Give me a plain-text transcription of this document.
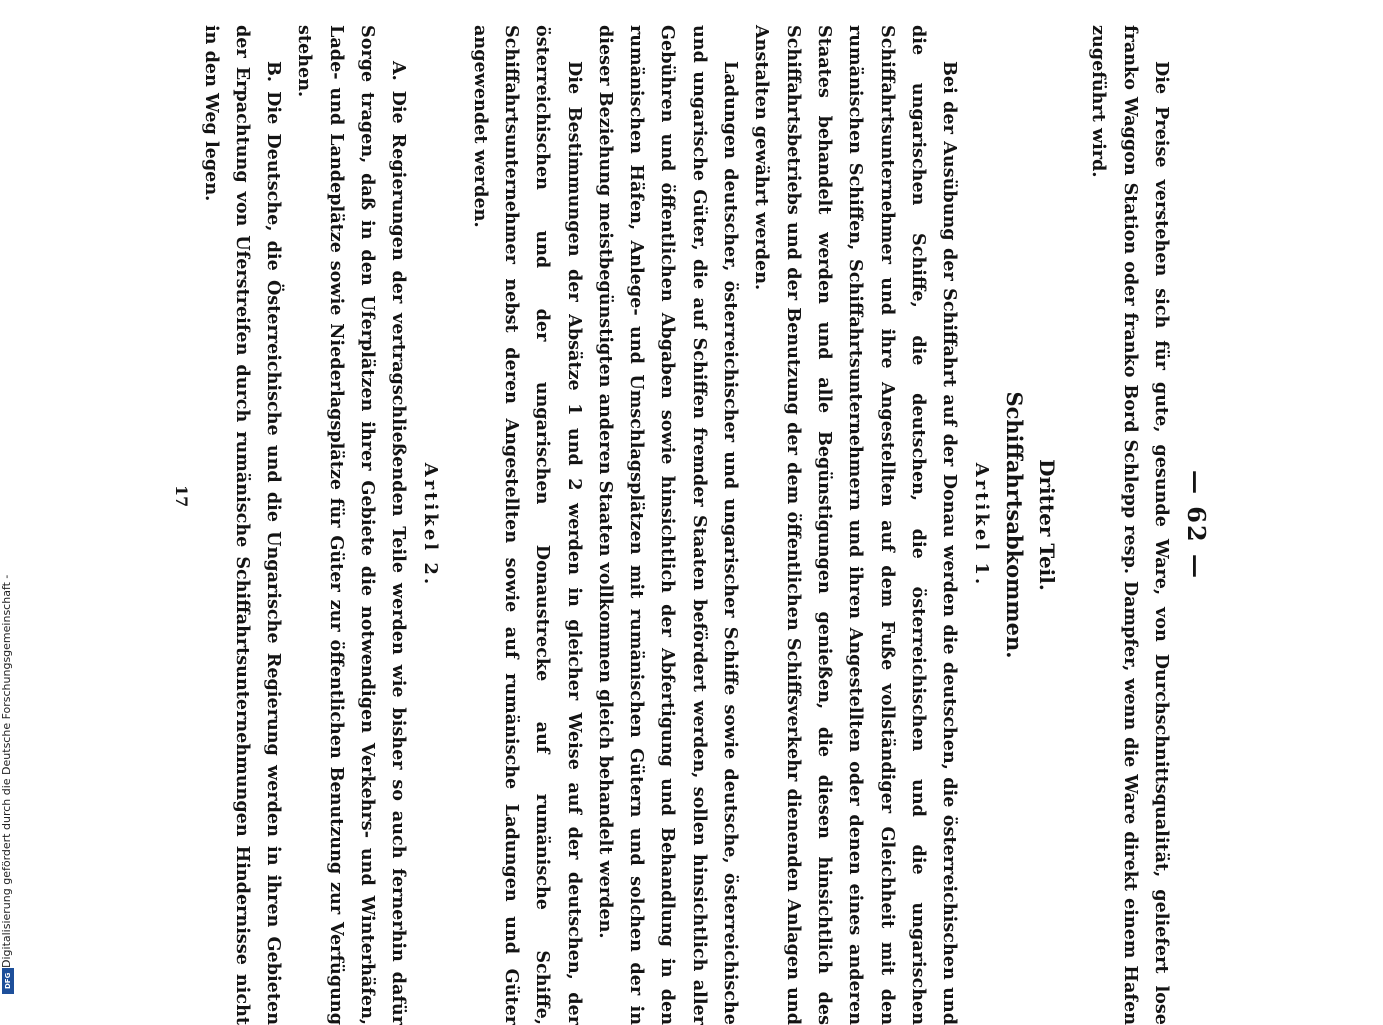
— 62 —

Die Preise verstehen sich für gute, gesunde Ware, von Durchschnittsqualität, geliefert lose franko Waggon Station oder franko Bord Schlepp resp. Dampfer, wenn die Ware direkt einem Hafen zugeführt wird.

Dritter Teil.
Schiffahrtsabkommen.
Artikel 1.

Bei der Ausübung der Schiffahrt auf der Donau werden die deutschen, die österreichischen und die ungarischen Schiffe, die deutschen, die österreichischen und die ungarischen Schiffahrtsunternehmer und ihre Angestellten auf dem Fuße vollständiger Gleichheit mit den rumänischen Schiffen, Schiffahrtsunternehmern und ihren Angestellten oder denen eines anderen Staates behandelt werden und alle Begünstigungen genießen, die diesen hinsichtlich des Schiffahrtsbetriebs und der Benutzung der dem öffentlichen Schiffsverkehr dienenden Anlagen und Anstalten gewährt werden.

Ladungen deutscher, österreichischer und ungarischer Schiffe sowie deutsche, österreichische und ungarische Güter, die auf Schiffen fremder Staaten befördert werden, sollen hinsichtlich aller Gebühren und öffentlichen Abgaben sowie hinsichtlich der Abfertigung und Behandlung in den rumänischen Häfen, Anlege- und Umschlagsplätzen mit rumänischen Gütern und solchen der in dieser Beziehung meistbegünstigten anderen Staaten vollkommen gleich behandelt werden.

Die Bestimmungen der Absätze 1 und 2 werden in gleicher Weise auf der deutschen, der österreichischen und der ungarischen Donaustrecke auf rumänische Schiffe, Schiffahrtsunternehmer nebst deren Angestellten sowie auf rumänische Ladungen und Güter angewendet werden.

Artikel 2.

A. Die Regierungen der vertragschließenden Teile werden wie bisher so auch fernerhin dafür Sorge tragen, daß in den Uferplätzen ihrer Gebiete die notwendigen Verkehrs- und Winterhäfen, Lade- und Landeplätze sowie Niederlagsplätze für Güter zur öffentlichen Benutzung zur Verfügung stehen.

B. Die Deutsche, die Österreichische und die Ungarische Regierung werden in ihren Gebieten der Erpachtung von Uferstreifen durch rumänische Schiffahrtsunternehmungen Hindernisse nicht in den Weg legen.

17
Digitalisierung gefördert durch die Deutsche Forschungsgemeinschaft -
DFG
